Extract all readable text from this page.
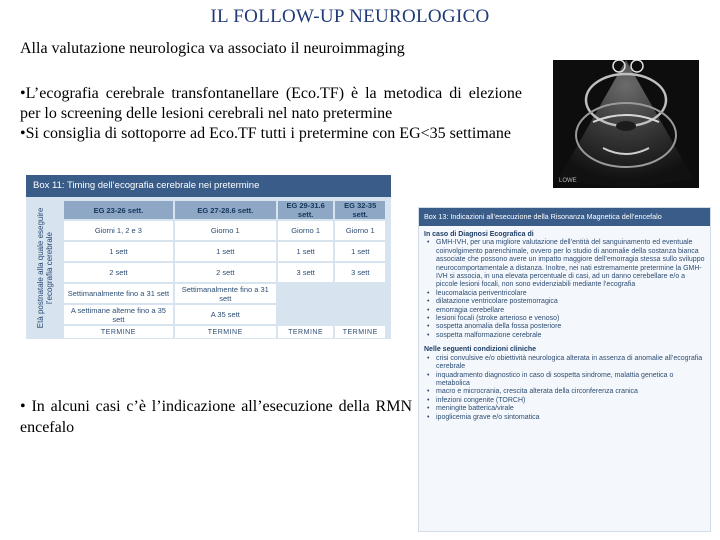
IL FOLLOW-UP NEUROLOGICO
Alla valutazione neurologica va associato il neuroimmaging

•L’ecografia cerebrale transfontanellare (Eco.TF) è la metodica di elezione per lo screening delle lesioni cerebrali nel nato pretermine

•Si consiglia di sottoporre ad Eco.TF tutti i pretermine con EG<35 settimane

LOWE
Box 11: Timing dell’ecografia cerebrale nei pretermine
Età postnatale alla quale eseguire l’ecografia cerebrale
EG 23-26 sett.	EG 27-28.6 sett.	EG 29-31.6 sett.	EG 32-35 sett.
Giorni 1, 2 e 3	Giorno 1	Giorno 1	Giorno 1
1 sett	1 sett	1 sett	1 sett
2 sett	2 sett	3 sett	3 sett
Settimanalmente fino a 31 sett	Settimanalmente fino a 31 sett		
A settimane alterne fino a 35 sett	A 35 sett		
TERMINE	TERMINE	TERMINE	TERMINE
• In alcuni casi c’è l’indicazione all’esecuzione della RMN encefalo
Box 13: Indicazioni all’esecuzione della Risonanza Magnetica dell’encefalo
In caso di Diagnosi Ecografica di
• GMH-IVH, per una migliore valutazione dell’entità del sanguinamento ed eventuale coinvolgimento parenchimale, ovvero per lo studio di anomalie della sostanza bianca associate che possono avere un impatto maggiore dell’emorragia stessa sullo sviluppo neurocomportamentale a distanza. Inoltre, nei nati estremamente pretermine la GMH-IVH si associa, in una elevata percentuale di casi, ad un danno cerebellare e/o a piccole lesioni focali, non sono evidenziabili mediante l’ecografia
• leucomalacia periventricolare
• dilatazione ventricolare postemorragica
• emorragia cerebellare
• lesioni focali (stroke arterioso e venoso)
• sospetta anomalia della fossa posteriore
• sospetta malformazione cerebrale
Nelle seguenti condizioni cliniche
• crisi convulsive e/o obiettività neurologica alterata in assenza di anomalie all’ecografia cerebrale
• inquadramento diagnostico in caso di sospetta sindrome, malattia genetica o metabolica
• macro e microcrania, crescita alterata della circonferenza cranica
• infezioni congenite (TORCH)
• meningite batterica/virale
• ipoglicemia grave e/o sintomatica
